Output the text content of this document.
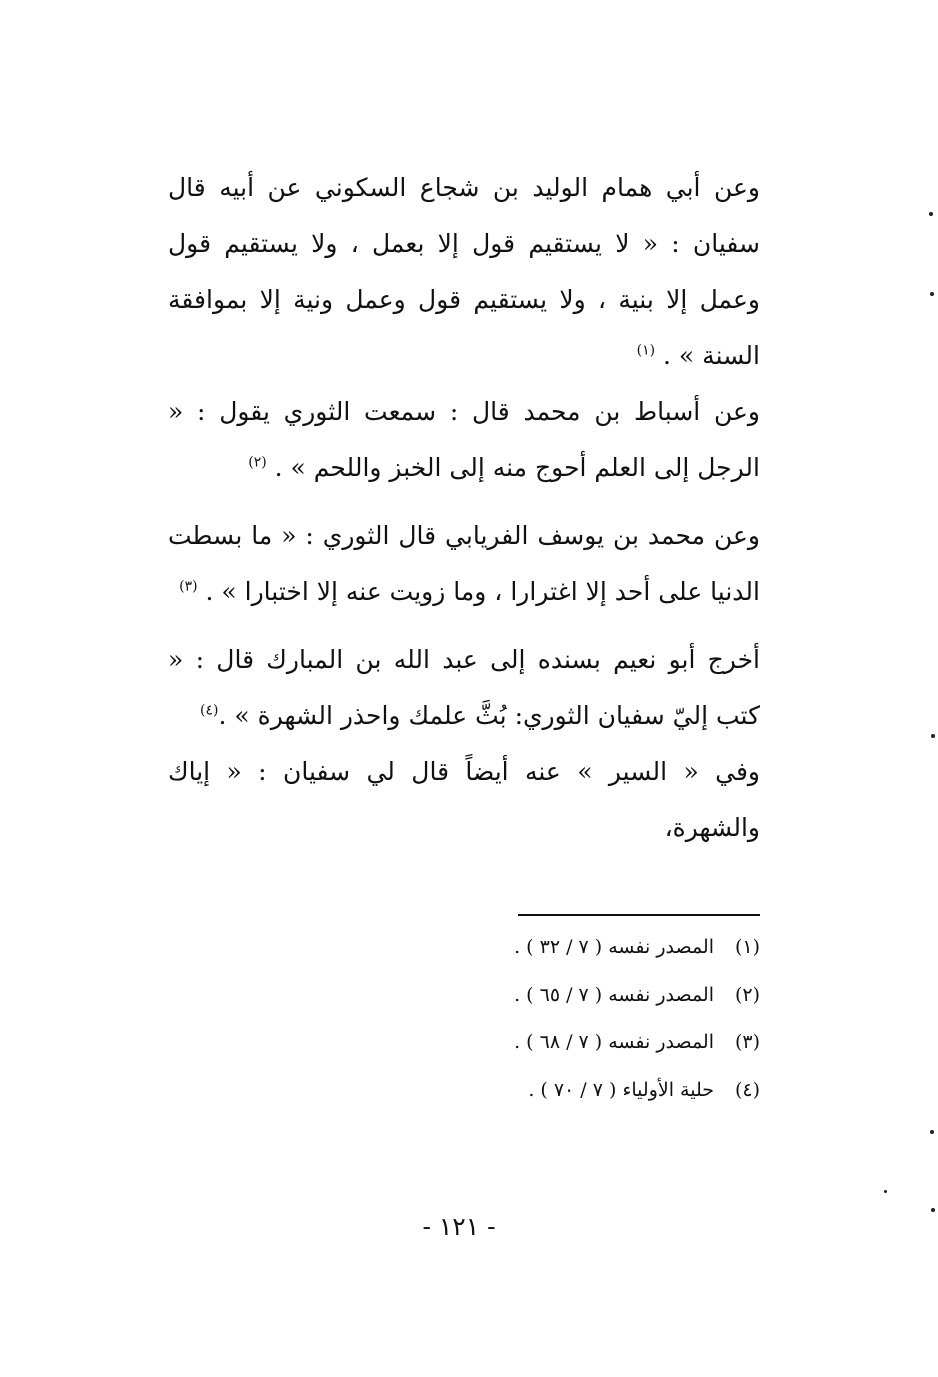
وعن أبي همام الوليد بن شجاع السكوني عن أبيه قال سفيان : « لا يستقيم قول إلا بعمل ، ولا يستقيم قول وعمل إلا بنية ، ولا يستقيم قول وعمل ونية إلا بموافقة السنة » . $^{(١)}$

وعن أسباط بن محمد قال : سمعت الثوري يقول : « الرجل إلى العلم أحوج منه إلى الخبز واللحم » . $^{(٢)}$

وعن محمد بن يوسف الفريابي قال الثوري : « ما بسطت الدنيا على أحد إلا اغترارا ، وما زويت عنه إلا اختبارا » . $^{(٣)}$

أخرج أبو نعيم بسنده إلى عبد الله بن المبارك قال : « كتب إليّ سفيان الثوري: بُثَّ علمك واحذر الشهرة » .$^{(٤)}$

وفي « السير » عنه أيضاً قال لي سفيان : « إياك والشهرة،

(١)
المصدر نفسه ( ٧ / ٣٢ ) .
(٢)
المصدر نفسه ( ٧ / ٦٥ ) .
(٣)
المصدر نفسه ( ٧ / ٦٨ ) .
(٤)
حلية الأولياء ( ٧ / ٧٠ ) .
- ١٢١ -
